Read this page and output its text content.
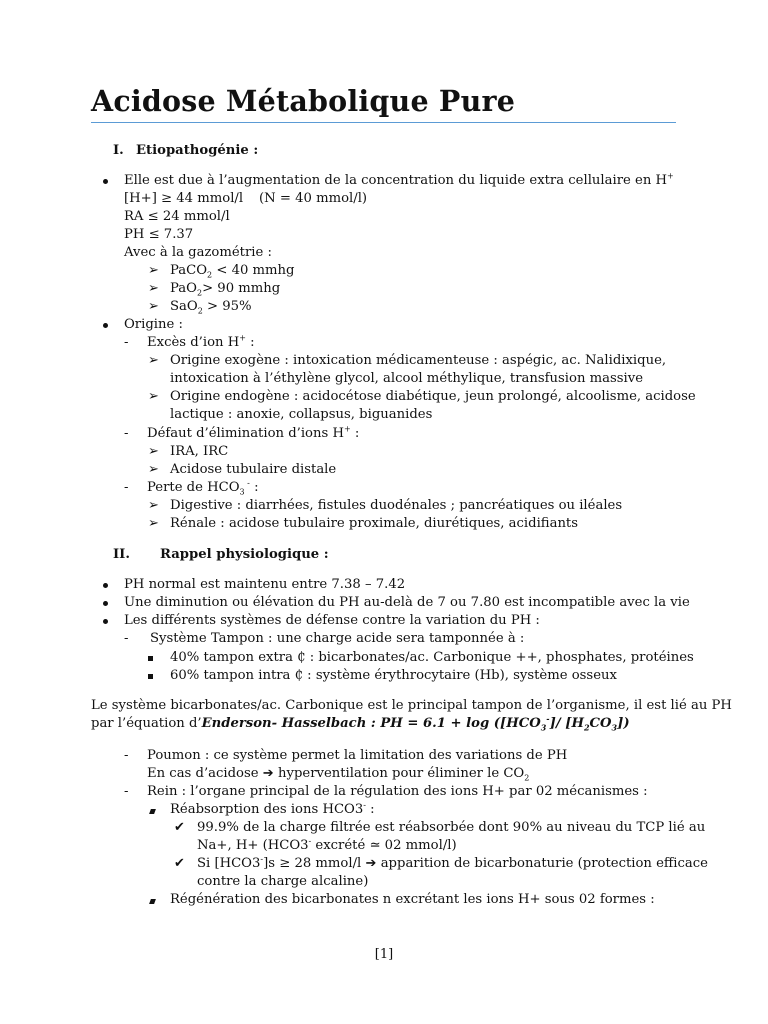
Acidose Métabolique Pure
I. Etiopathogénie :
Elle est due à l’augmentation de la concentration du liquide extra cellulaire en H+
[H+] ≥ 44 mmol/l (N = 40 mmol/l)
RA ≤ 24 mmol/l
PH ≤ 7.37
Avec à la gazométrie :
➢ PaCO$_2$ < 40 mmhg
➢ PaO$_2$> 90 mmhg
➢ SaO$_2$ > 95%
Origine :
- Excès d’ion H+ :
➢ Origine exogène : intoxication médicamenteuse : aspégic, ac. Nalidixique,
intoxication à l’éthylène glycol, alcool méthylique, transfusion massive
➢ Origine endogène : acidocétose diabétique, jeun prolongé, alcoolisme, acidose
lactique : anoxie, collapsus, biguanides
- Défaut d’élimination d’ions H+ :
➢ IRA, IRC
➢ Acidose tubulaire distale
- Perte de $HCO_3$ - :
➢ Digestive : diarrhées, fistules duodénales ; pancréatiques ou iléales
➢ Rénale : acidose tubulaire proximale, diurétiques, acidifiants
II. Rappel physiologique :
PH normal est maintenu entre 7.38 – 7.42
Une diminution ou élévation du PH au-delà de 7 ou 7.80 est incompatible avec la vie
Les différents systèmes de défense contre la variation du PH :
- Système Tampon : une charge acide sera tamponnée à :
40% tampon extra ₵ : bicarbonates/ac. Carbonique ++, phosphates, protéines
60% tampon intra ₵ : système érythrocytaire (Hb), système osseux
Le système bicarbonates/ac. Carbonique est le principal tampon de l’organisme, il est lié au PH
par l’équation d’Enderson- Hasselbach : PH = $6.1 + \log ([HCO_3^-]/$ $[H_2CO_3]$)
- Poumon : ce système permet la limitation des variations de PH
En cas d’acidose ➔ hyperventilation pour éliminer le $CO_2$
- Rein : l’organe principal de la régulation des ions H+ par 02 mécanismes :
Réabsorption des ions HCO3- :
✔ 99.9% de la charge filtrée est réabsorbée dont 90% au niveau du TCP lié au
Na+, H+ (HCO3- excrété ≃ 02 mmol/l)
✔ Si [HCO3-]s ≥ 28 mmol/l ➔ apparition de bicarbonaturie (protection efficace
contre la charge alcaline)
Régénération des bicarbonates n excrétant les ions H+ sous 02 formes :
[1]
